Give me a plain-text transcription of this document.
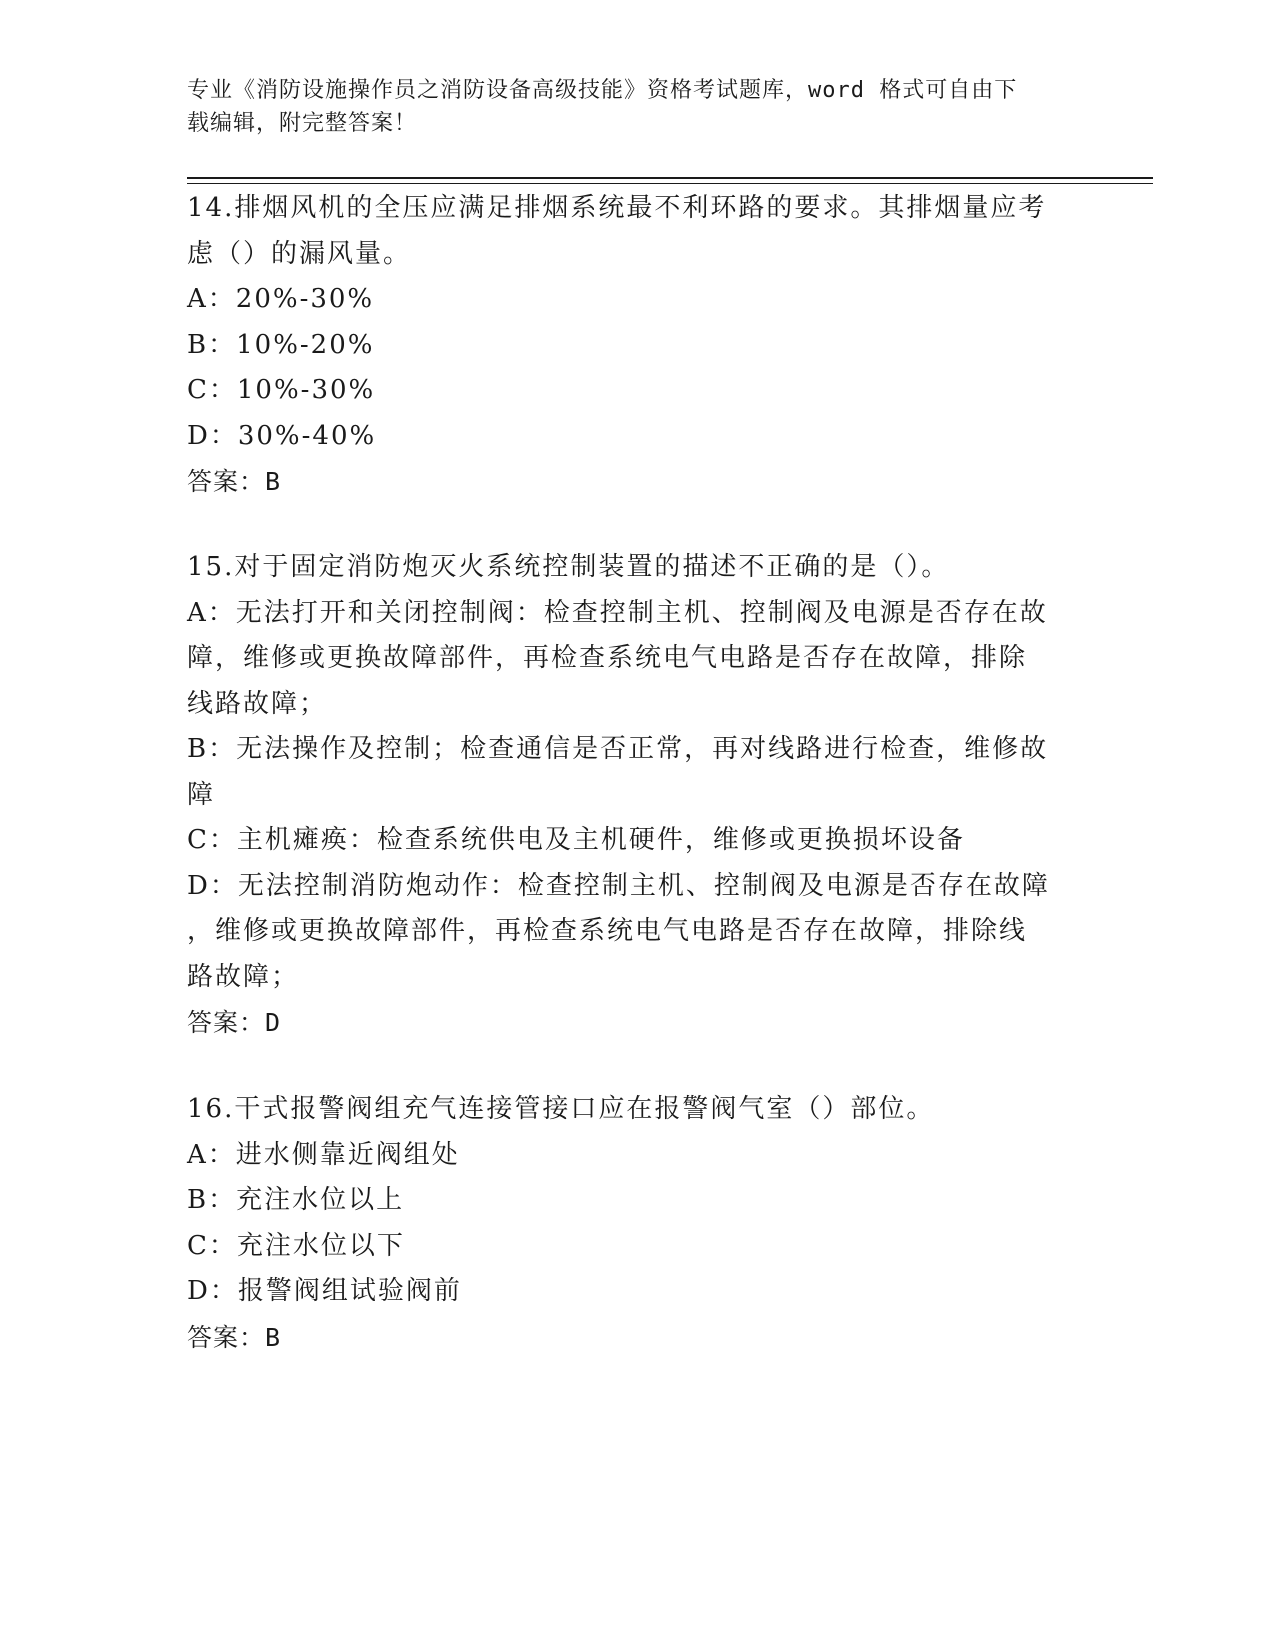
专业《消防设施操作员之消防设备高级技能》资格考试题库，word 格式可自由下
载编辑，附完整答案！
14.排烟风机的全压应满足排烟系统最不利环路的要求。其排烟量应考
虑（）的漏风量。
A：20%-30%
B：10%-20%
C：10%-30%
D：30%-40%
答案：B
15.对于固定消防炮灭火系统控制装置的描述不正确的是（）。
A：无法打开和关闭控制阀：检查控制主机、控制阀及电源是否存在故
障，维修或更换故障部件，再检查系统电气电路是否存在故障，排除
线路故障；
B：无法操作及控制；检查通信是否正常，再对线路进行检查，维修故
障
C：主机瘫痪：检查系统供电及主机硬件，维修或更换损坏设备
D：无法控制消防炮动作：检查控制主机、控制阀及电源是否存在故障
，维修或更换故障部件，再检查系统电气电路是否存在故障，排除线
路故障；
答案：D
16.干式报警阀组充气连接管接口应在报警阀气室（）部位。
A：进水侧靠近阀组处
B：充注水位以上
C：充注水位以下
D：报警阀组试验阀前
答案：B
